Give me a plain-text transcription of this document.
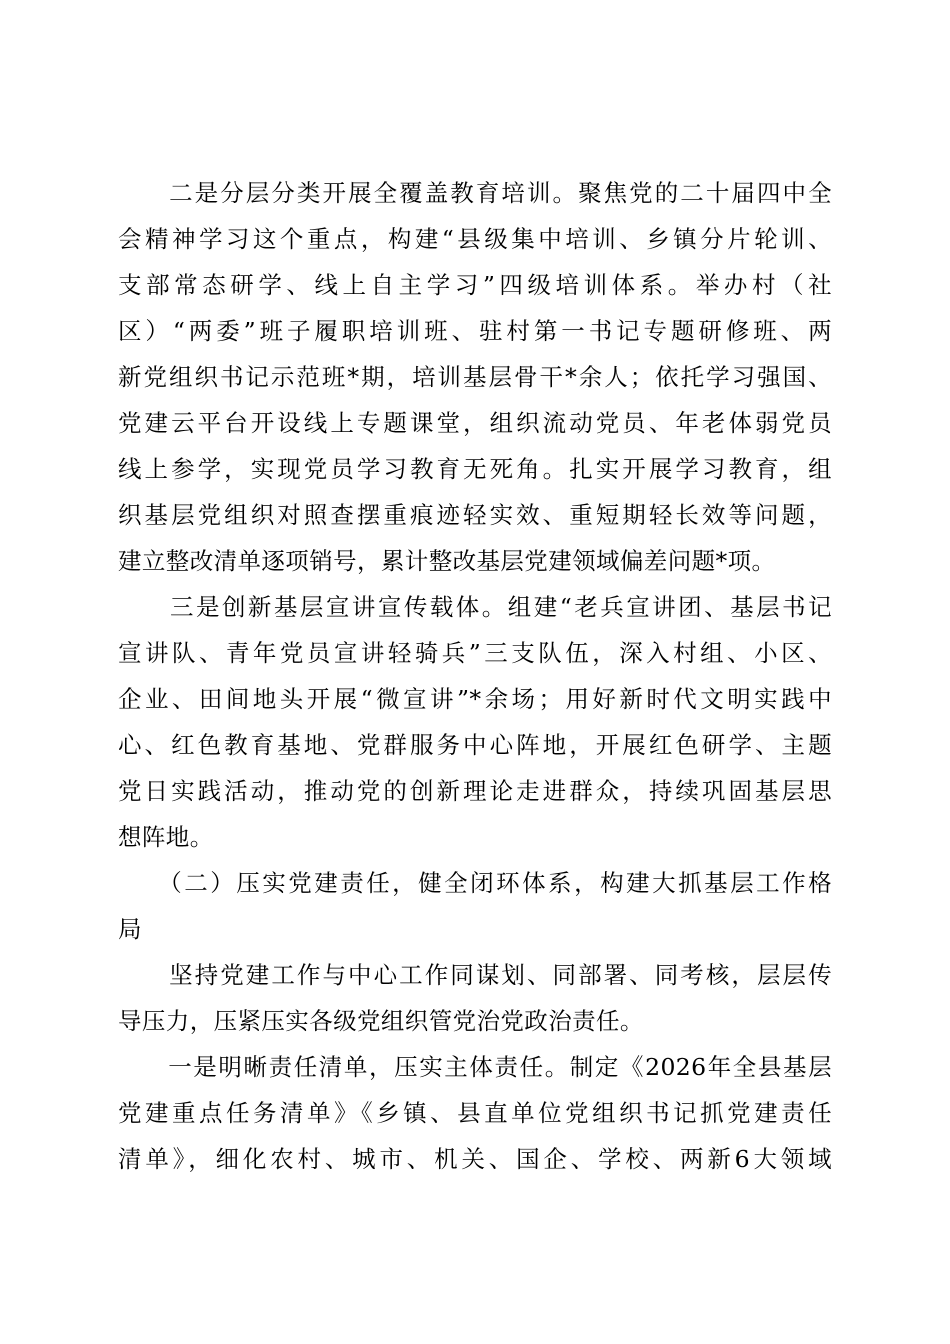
　　二是分层分类开展全覆盖教育培训。聚焦党的二十届四中全
会精神学习这个重点，构建“县级集中培训、乡镇分片轮训、
支部常态研学、线上自主学习”四级培训体系。举办村（社
区）“两委”班子履职培训班、驻村第一书记专题研修班、两
新党组织书记示范班*期，培训基层骨干*余人；依托学习强国、
党建云平台开设线上专题课堂，组织流动党员、年老体弱党员
线上参学，实现党员学习教育无死角。扎实开展学习教育，组
织基层党组织对照查摆重痕迹轻实效、重短期轻长效等问题，
建立整改清单逐项销号，累计整改基层党建领域偏差问题*项。
　　三是创新基层宣讲宣传载体。组建“老兵宣讲团、基层书记
宣讲队、青年党员宣讲轻骑兵”三支队伍，深入村组、小区、
企业、田间地头开展“微宣讲”*余场；用好新时代文明实践中
心、红色教育基地、党群服务中心阵地，开展红色研学、主题
党日实践活动，推动党的创新理论走进群众，持续巩固基层思
想阵地。
　　（二）压实党建责任，健全闭环体系，构建大抓基层工作格
局
　　坚持党建工作与中心工作同谋划、同部署、同考核，层层传
导压力，压紧压实各级党组织管党治党政治责任。
　　一是明晰责任清单，压实主体责任。制定《2026年全县基层
党建重点任务清单》《乡镇、县直单位党组织书记抓党建责任
清单》，细化农村、城市、机关、国企、学校、两新6大领域
